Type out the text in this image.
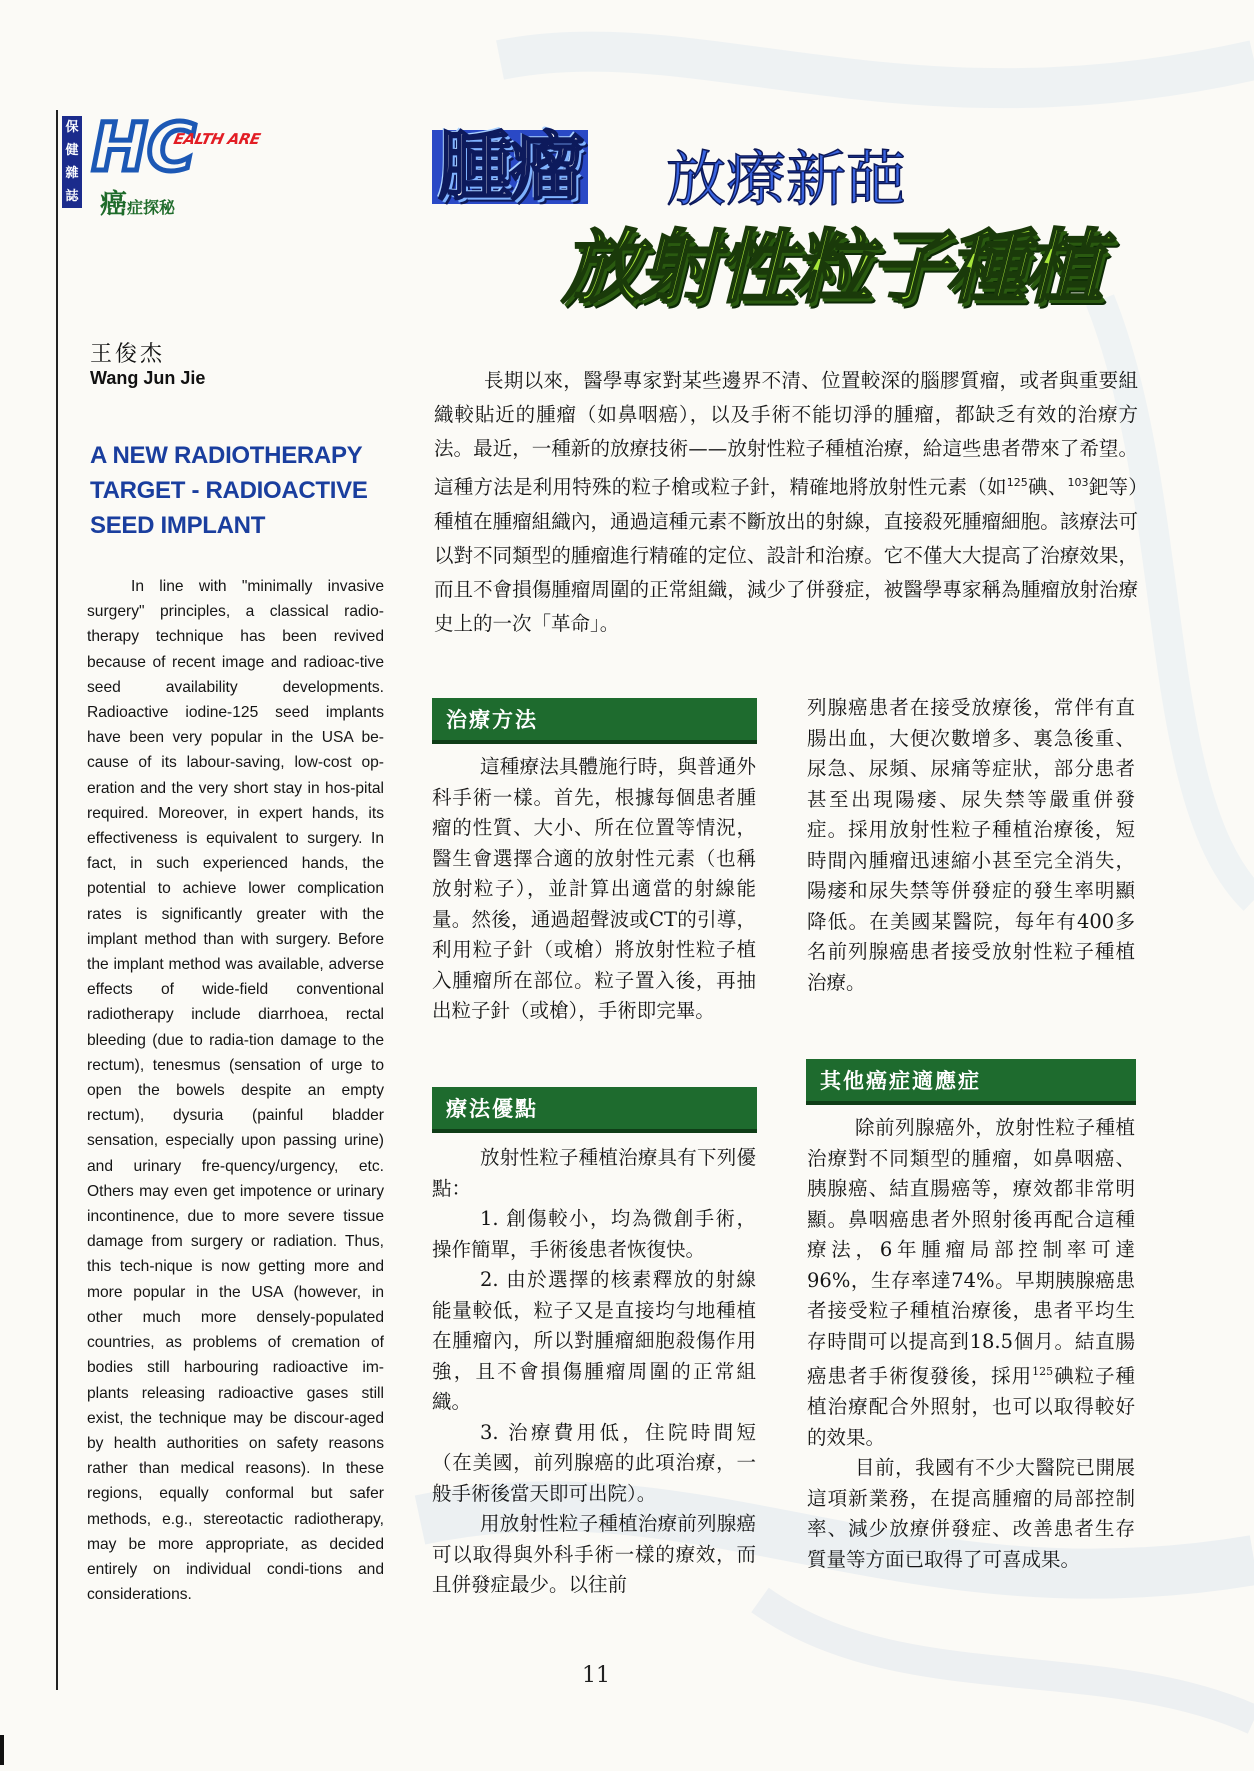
保
健
雜
誌
HC
EALTH ARE
癌症探秘	腫瘤 放療新葩
放射性粒子種植
王俊杰
Wang Jun Jie
A NEW RADIOTHERAPY TARGET - RADIOACTIVE SEED IMPLANT
In line with "minimally invasive surgery" principles, a classical radio-therapy technique has been revived because of recent image and radioac-tive seed availability developments. Radioactive iodine-125 seed implants have been very popular in the USA be-cause of its labour-saving, low-cost op-eration and the very short stay in hos-pital required. Moreover, in expert hands, its effectiveness is equivalent to surgery. In fact, in such experienced hands, the potential to achieve lower complication rates is significantly greater with the implant method than with surgery. Before the implant method was available, adverse effects of wide-field conventional radiotherapy include diarrhoea, rectal bleeding (due to radia-tion damage to the rectum), tenesmus (sensation of urge to open the bowels despite an empty rectum), dysuria (painful bladder sensation, especially upon passing urine) and urinary fre-quency/urgency, etc. Others may even get impotence or urinary incontinence, due to more severe tissue damage from surgery or radiation. Thus, this tech-nique is now getting more and more popular in the USA (however, in other much more densely-populated countries, as problems of cremation of bodies still harbouring radioactive im-plants releasing radioactive gases still exist, the technique may be discour-aged by health authorities on safety reasons rather than medical reasons). In these regions, equally conformal but safer methods, e.g., stereotactic radiotherapy, may be more appropriate, as decided entirely on individual condi-tions and considerations.
長期以來，醫學專家對某些邊界不清、位置較深的腦膠質瘤，或者與重要組織較貼近的腫瘤（如鼻咽癌），以及手術不能切淨的腫瘤，都缺乏有效的治療方法。最近，一種新的放療技術——放射性粒子種植治療，給這些患者帶來了希望。這種方法是利用特殊的粒子槍或粒子針，精確地將放射性元素（如$^{125}$碘、$^{103}$鈀等）種植在腫瘤組織內，通過這種元素不斷放出的射線，直接殺死腫瘤細胞。該療法可以對不同類型的腫瘤進行精確的定位、設計和治療。它不僅大大提高了治療效果，而且不會損傷腫瘤周圍的正常組織，減少了併發症，被醫學專家稱為腫瘤放射治療史上的一次「革命」。
治療方法

這種療法具體施行時，與普通外科手術一樣。首先，根據每個患者腫瘤的性質、大小、所在位置等情況，醫生會選擇合適的放射性元素（也稱放射粒子），並計算出適當的射線能量。然後，通過超聲波或CT的引導，利用粒子針（或槍）將放射性粒子植入腫瘤所在部位。粒子置入後，再抽出粒子針（或槍），手術即完畢。

療法優點

放射性粒子種植治療具有下列優點：

1. 創傷較小，均為微創手術，操作簡單，手術後患者恢復快。

2. 由於選擇的核素釋放的射線能量較低，粒子又是直接均勻地種植在腫瘤內，所以對腫瘤細胞殺傷作用強，且不會損傷腫瘤周圍的正常組織。

3. 治療費用低，住院時間短（在美國，前列腺癌的此項治療，一般手術後當天即可出院）。

用放射性粒子種植治療前列腺癌可以取得與外科手術一樣的療效，而且併發症最少。以往前

列腺癌患者在接受放療後，常伴有直腸出血，大便次數增多、裏急後重、尿急、尿頻、尿痛等症狀，部分患者甚至出現陽痿、尿失禁等嚴重併發症。採用放射性粒子種植治療後，短時間內腫瘤迅速縮小甚至完全消失，陽痿和尿失禁等併發症的發生率明顯降低。在美國某醫院，每年有400多名前列腺癌患者接受放射性粒子種植治療。

其他癌症適應症

除前列腺癌外，放射性粒子種植治療對不同類型的腫瘤，如鼻咽癌、胰腺癌、結直腸癌等，療效都非常明顯。鼻咽癌患者外照射後再配合這種療法，6年腫瘤局部控制率可達96%，生存率達74%。早期胰腺癌患者接受粒子種植治療後，患者平均生存時間可以提高到18.5個月。結直腸癌患者手術復發後，採用$^{125}$碘粒子種植治療配合外照射，也可以取得較好的效果。

目前，我國有不少大醫院已開展這項新業務，在提高腫瘤的局部控制率、減少放療併發症、改善患者生存質量等方面已取得了可喜成果。

11
